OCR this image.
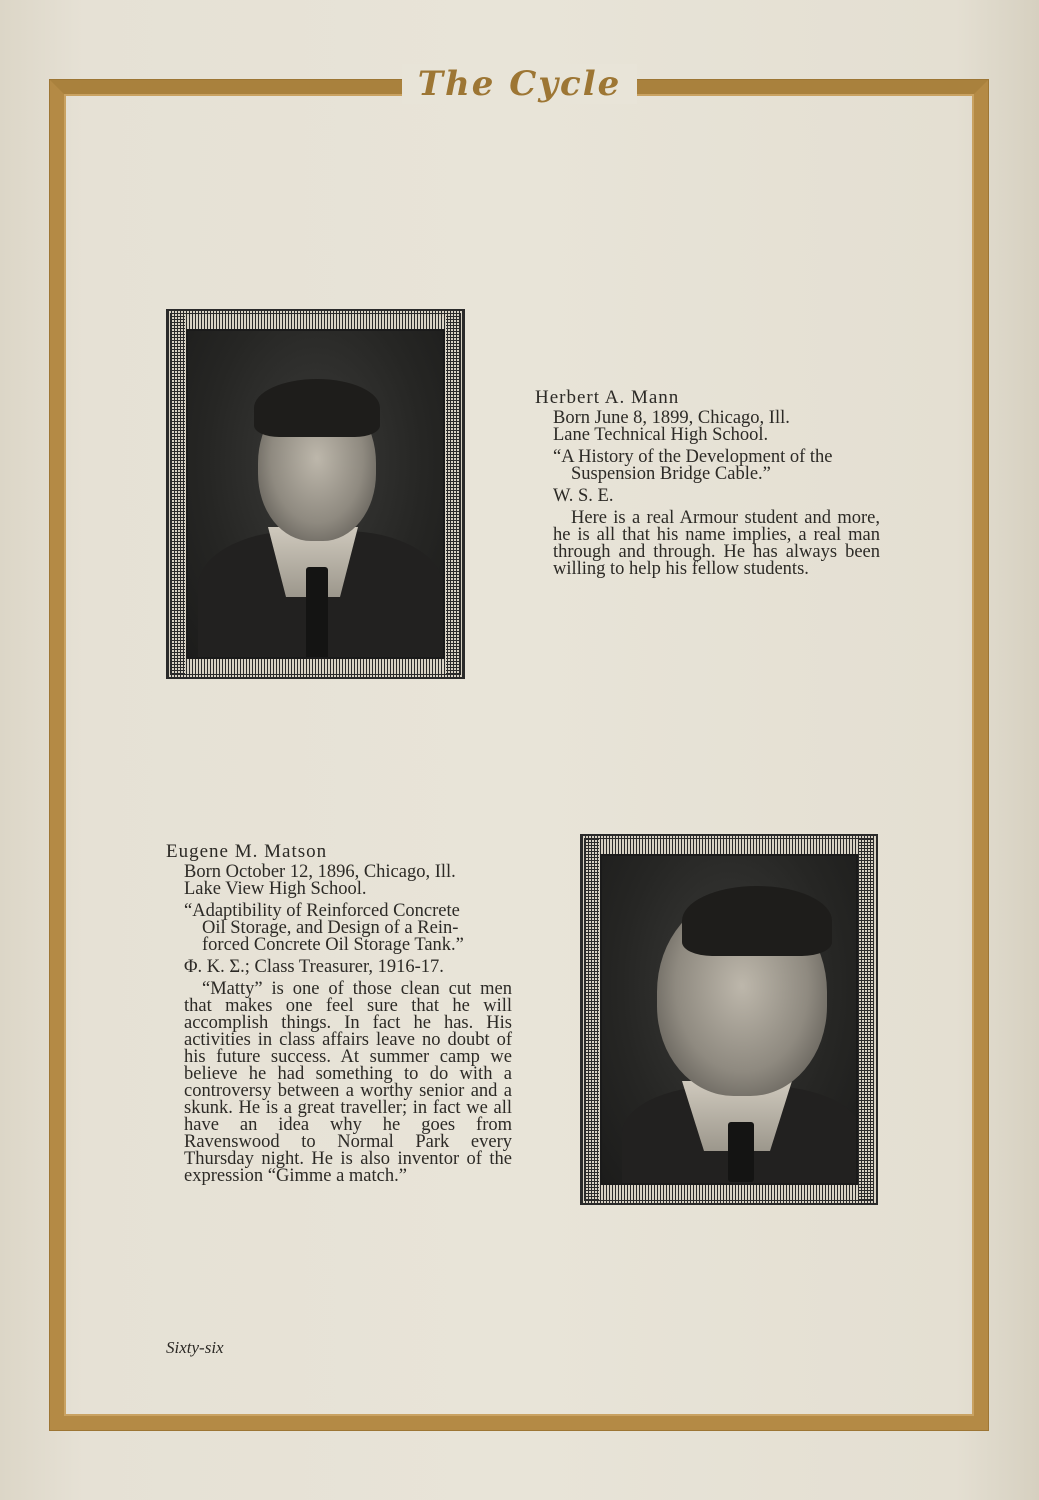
The Cycle
Herbert A. Mann
Born June 8, 1899, Chicago, Ill.
Lane Technical High School.
“A History of the Development of the
Suspension Bridge Cable.”
W. S. E.
Here is a real Armour student and more, he is all that his name implies, a real man through and through. He has always been willing to help his fellow students.
Eugene M. Matson
Born October 12, 1896, Chicago, Ill.
Lake View High School.
“Adaptibility of Reinforced Concrete
Oil Storage, and Design of a Rein-
forced Concrete Oil Storage Tank.”
Φ. K. Σ.; Class Treasurer, 1916-17.
“Matty” is one of those clean cut men that makes one feel sure that he will accomplish things. In fact he has. His activities in class affairs leave no doubt of his future success. At summer camp we believe he had something to do with a controversy between a worthy senior and a skunk. He is a great traveller; in fact we all have an idea why he goes from Ravenswood to Normal Park every Thursday night. He is also inventor of the expression “Gimme a match.”
Sixty-six
